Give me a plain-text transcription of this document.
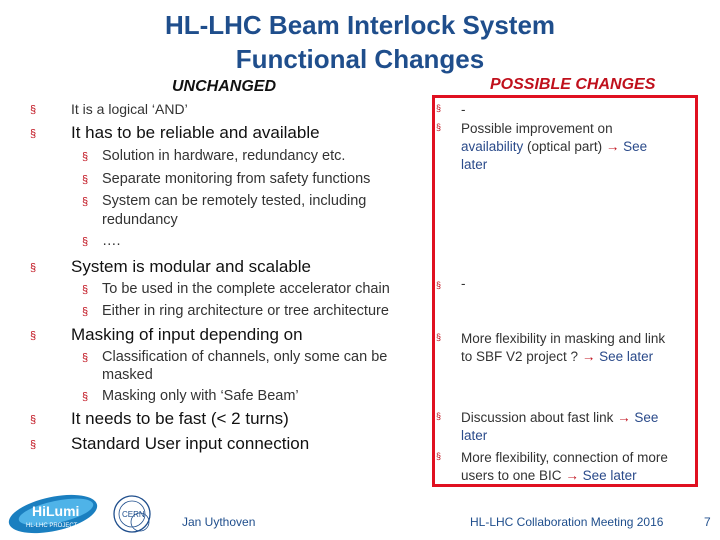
HL-LHC Beam Interlock System
Functional Changes
UNCHANGED	POSSIBLE CHANGES
§ It is a logical ‘AND’
§ It has to be reliable and available
§ Solution in hardware, redundancy etc.
§ Separate monitoring from safety functions
§ System can be remotely tested, including
redundancy
§ ….
§ System is modular and scalable
§ To be used in the complete accelerator chain
§ Either in ring architecture or tree architecture
§ Masking of input depending on
§ Classification of channels, only some can be
masked
§ Masking only with ‘Safe Beam’
§ It needs to be fast (< 2 turns)
§ Standard User input connection
§ -
§ Possible improvement on
availability (optical part) → See
later
§ -
§ More flexibility in masking and link
to SBF V2 project ? → See later
§ Discussion about fast link → See
later
§ More flexibility, connection of more
users to one BIC → See later
HiLumi
HL-LHC PROJECT
CERN
Jan Uythoven	HL-LHC Collaboration Meeting 2016	7
